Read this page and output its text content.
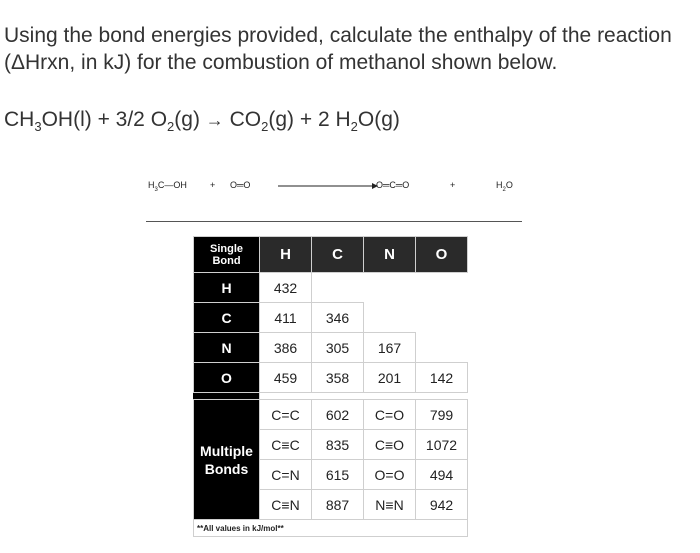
Using the bond energies provided, calculate the enthalpy of the reaction (ΔHrxn, in kJ) for the combustion of methanol shown below.
$CH_3OH(l) + 3/2$ $O_2(g) \to CO_2(g) + 2$ $H_2O(g)$
$H_3C—OH$	+ O═O	O═C═O	+	$H_2O$
Single
Bond	H	C	N	O
H	432			
C	411	346		
N	386	305	167	
O	459	358	201	142

Multiple
Bonds	C=C	602	C=O	799
	C≡C	835	C≡O	1072
	C=N	615	O=O	494
	C≡N	887	N≡N	942
**All values in kJ/mol**				
